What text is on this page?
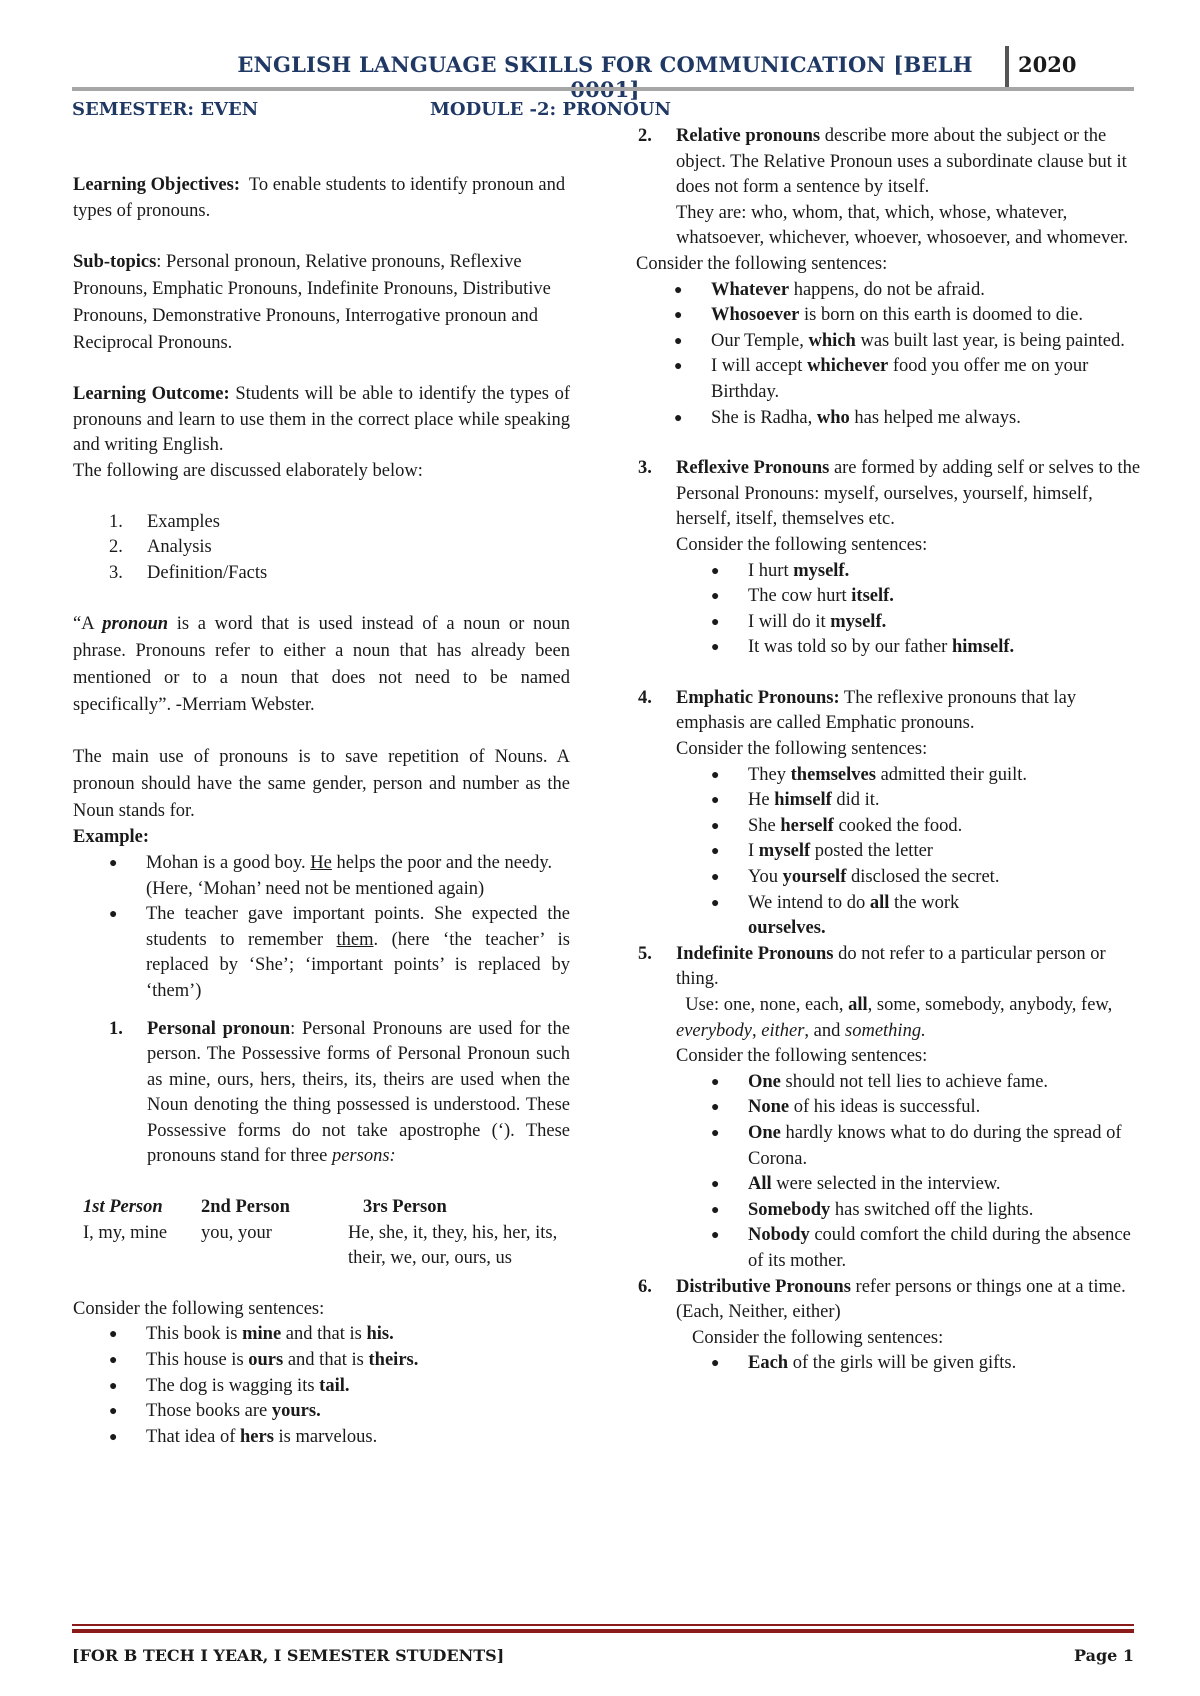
ENGLISH LANGUAGE SKILLS FOR COMMUNICATION [BELH	2020
SEMESTER: EVEN	MODULE -2: PRONOUN

Learning Objectives: To enable students to identify pronoun and types of pronouns.

Sub-topics: Personal pronoun, Relative pronouns, Reflexive Pronouns, Emphatic Pronouns, Indefinite Pronouns, Distributive Pronouns, Demonstrative Pronouns, Interrogative pronoun and Reciprocal Pronouns.

Learning Outcome: Students will be able to identify the types of pronouns and learn to use them in the correct place while speaking and writing English.

The following are discussed elaborately below:

1.	Examples
2.	Analysis
3.	Definition/Facts

“A pronoun is a word that is used instead of a noun or noun phrase. Pronouns refer to either a noun that has already been mentioned or to a noun that does not need to be named specifically”. -Merriam Webster.

The main use of pronouns is to save repetition of Nouns. A pronoun should have the same gender, person and number as the Noun stands for.

Example:

●	Mohan is a good boy. He helps the poor and the needy. (Here, ‘Mohan’ need not be mentioned again)
●	The teacher gave important points. She expected the students to remember them. (here ‘the teacher’ is replaced by ‘She’; ‘important points’ is replaced by ‘them’)
1.	Personal pronoun: Personal Pronouns are used for the person. The Possessive forms of Personal Pronoun such as mine, ours, hers, theirs, its, theirs are used when the Noun denoting the thing possessed is understood. These Possessive forms do not take apostrophe (‘). These pronouns stand for three persons:
1st Person	2nd Person	3rs Person
I, my, mine	you, your	He, she, it, they, his, her, its, their, we, our, ours, us

Consider the following sentences:

●	This book is mine and that is his.
●	This house is ours and that is theirs.
●	The dog is wagging its tail.
●	Those books are yours.
●	That idea of hers is marvelous.
2.	Relative pronouns describe more about the subject or the object. The Relative Pronoun uses a subordinate clause but it does not form a sentence by itself.

They are: who, whom, that, which, whose, whatever, whatsoever, whichever, whoever, whosoever, and whomever.

Consider the following sentences:

●	Whatever happens, do not be afraid.
●	Whosoever is born on this earth is doomed to die.
●	Our Temple, which was built last year, is being painted.
●	I will accept whichever food you offer me on your Birthday.
●	She is Radha, who has helped me always.
3.	Reflexive Pronouns are formed by adding self or selves to the Personal Pronouns: myself, ourselves, yourself, himself, herself, itself, themselves etc.

Consider the following sentences:

●	I hurt myself.
●	The cow hurt itself.
●	I will do it myself.
●	It was told so by our father himself.
4.	Emphatic Pronouns: The reflexive pronouns that lay emphasis are called Emphatic pronouns.

Consider the following sentences:

●	They themselves admitted their guilt.
●	He himself did it.
●	She herself cooked the food.
●	I myself posted the letter
●	You yourself disclosed the secret.
●	We intend to do all the work
ourselves.
5.	Indefinite Pronouns do not refer to a particular person or thing.

Use: one, none, each, all, some, somebody, anybody, few, everybody, either, and something.

Consider the following sentences:

●	One should not tell lies to achieve fame.
●	None of his ideas is successful.
●	One hardly knows what to do during the spread of Corona.
●	All were selected in the interview.
●	Somebody has switched off the lights.
●	Nobody could comfort the child during the absence of its mother.
6.	Distributive Pronouns refer persons or things one at a time. (Each, Neither, either)

Consider the following sentences:

●	Each of the girls will be given gifts.
[FOR B TECH I YEAR, I SEMESTER STUDENTS]	Page 1
